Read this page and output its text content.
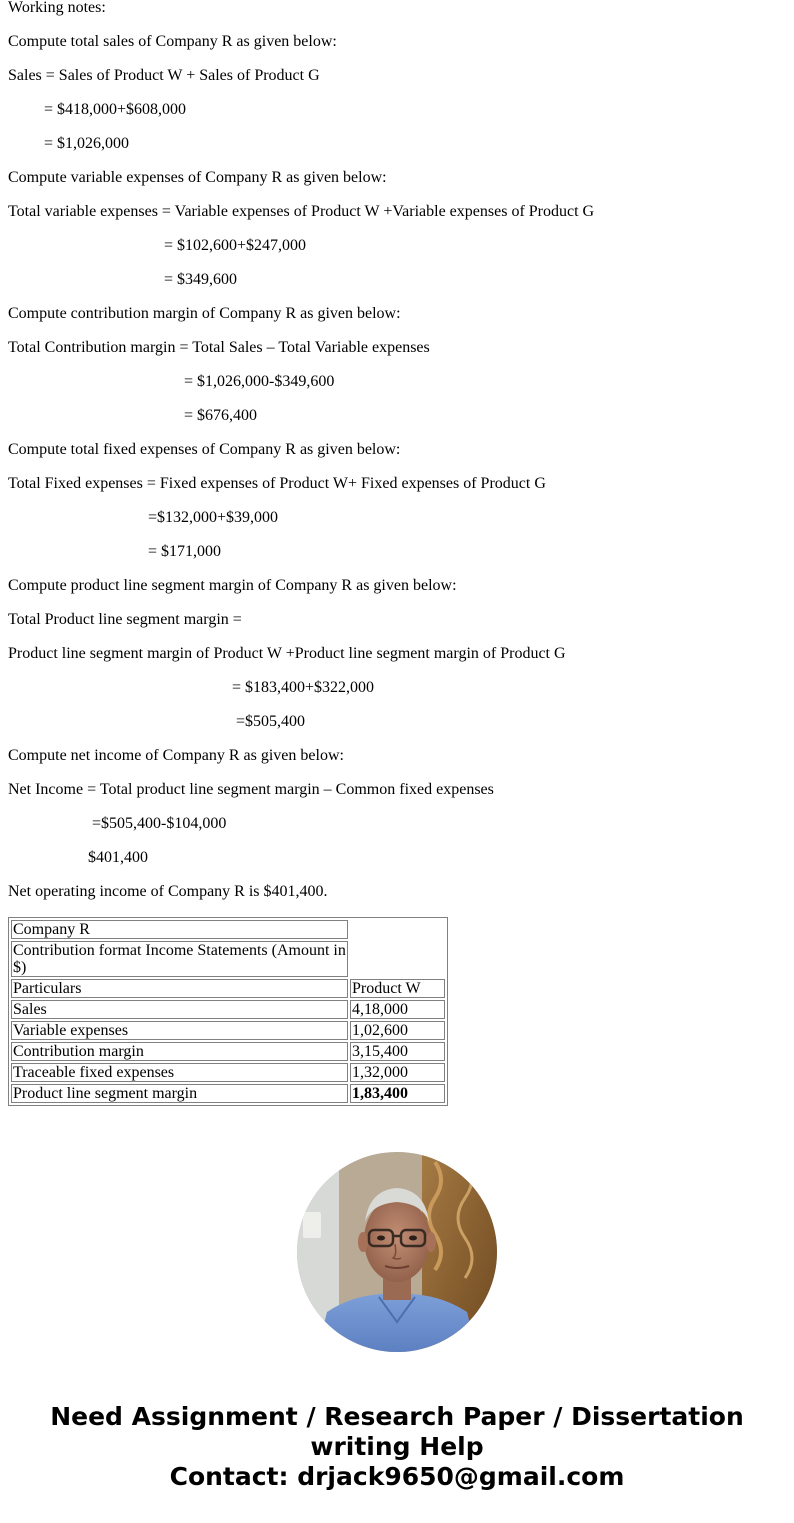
Working notes:

Compute total sales of Company R as given below:

Sales = Sales of Product W + Sales of Product G

= $418,000+$608,000

= $1,026,000

Compute variable expenses of Company R as given below:

Total variable expenses = Variable expenses of Product W +Variable expenses of Product G

= $102,600+$247,000

= $349,600

Compute contribution margin of Company R as given below:

Total Contribution margin = Total Sales – Total Variable expenses

= $1,026,000-$349,600

= $676,400

Compute total fixed expenses of Company R as given below:

Total Fixed expenses = Fixed expenses of Product W+ Fixed expenses of Product G

=$132,000+$39,000

= $171,000

Compute product line segment margin of Company R as given below:

Total Product line segment margin =

Product line segment margin of Product W +Product line segment margin of Product G

= $183,400+$322,000

=$505,400

Compute net income of Company R as given below:

Net Income = Total product line segment margin – Common fixed expenses

=$505,400-$104,000

$401,400

Net operating income of Company R is $401,400.

Company R	
Contribution format Income Statements (Amount in $)	
Particulars	Product W
Sales	4,18,000
Variable expenses	1,02,600
Contribution margin	3,15,400
Traceable fixed expenses	1,32,000
Product line segment margin	1,83,400
Need Assignment / Research Paper / Dissertation
writing Help
Contact: drjack9650@gmail.com
